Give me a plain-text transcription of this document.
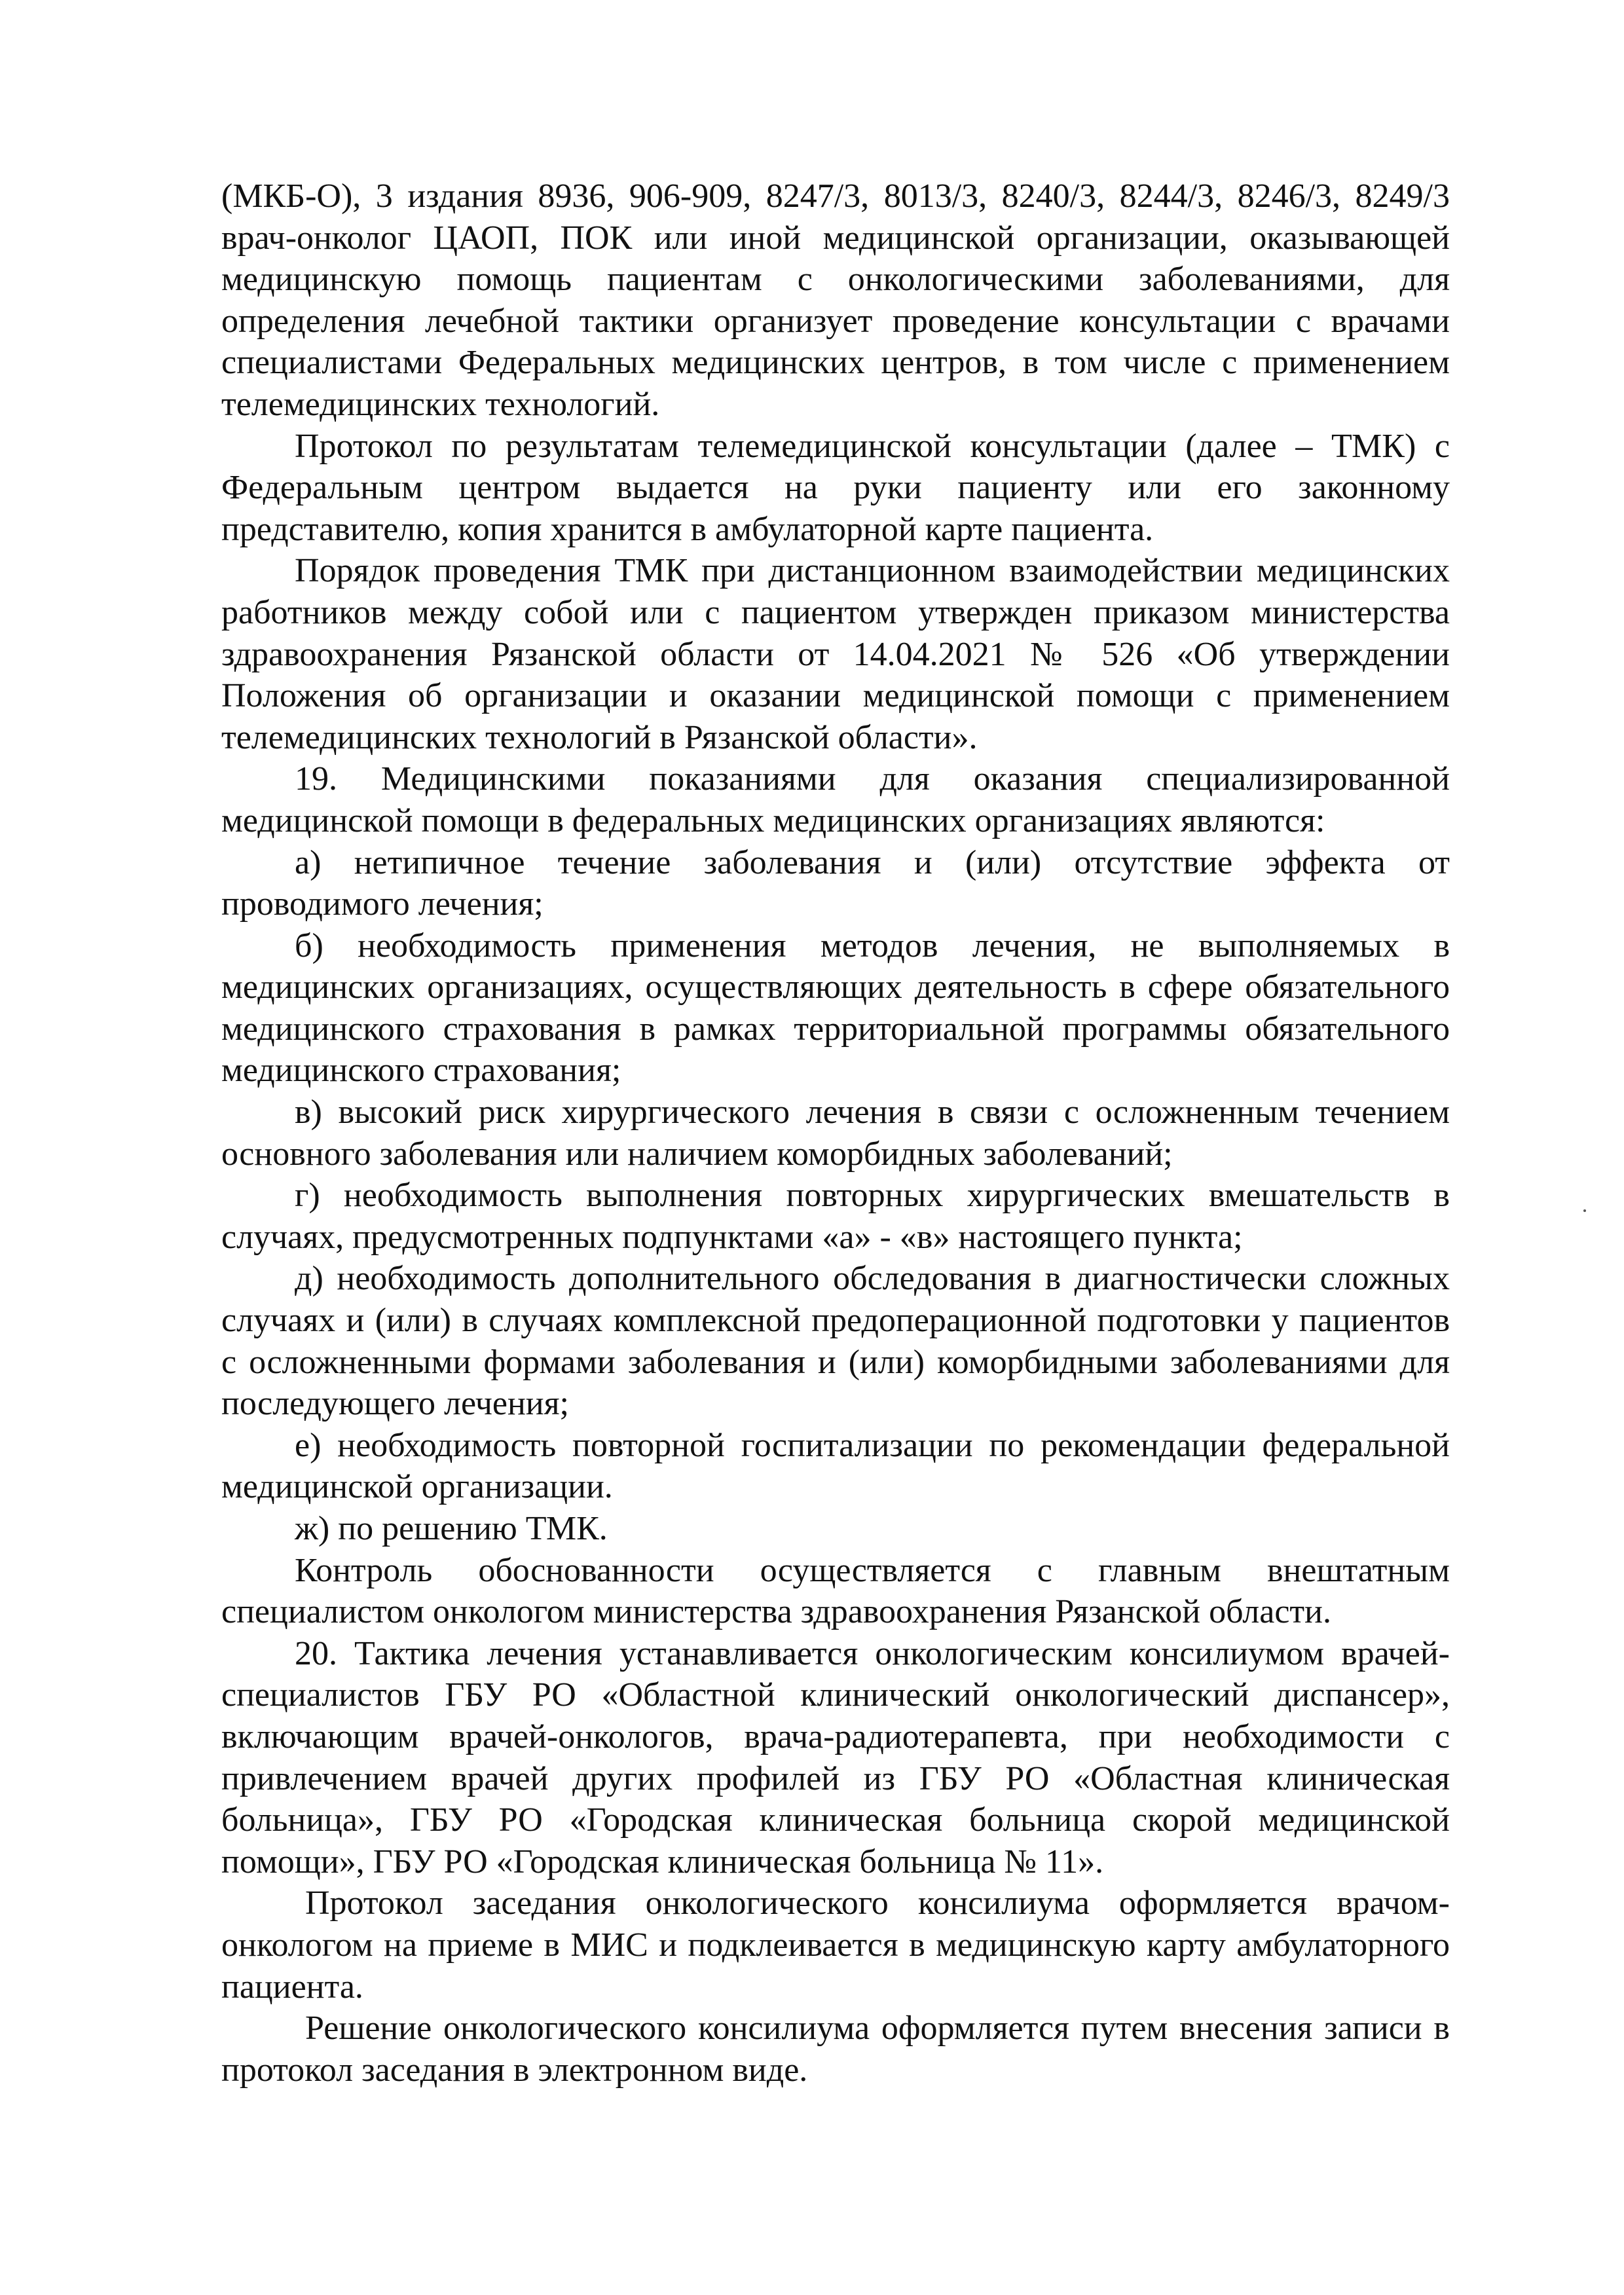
(МКБ-О), 3 издания 8936, 906-909, 8247/3, 8013/3, 8240/3, 8244/3, 8246/3, 8249/3 врач-онколог ЦАОП, ПОК или иной медицинской организации, оказывающей медицинскую помощь пациентам с онкологическими заболеваниями, для определения лечебной тактики организует проведение консультации с врачами специалистами Федеральных медицинских центров, в том числе с применением телемедицинских технологий.

Протокол по результатам телемедицинской консультации (далее – ТМК) с Федеральным центром выдается на руки пациенту или его законному представителю, копия хранится в амбулаторной карте пациента.

Порядок проведения ТМК при дистанционном взаимодействии медицинских работников между собой или с пациентом утвержден приказом министерства здравоохранения Рязанской области от 14.04.2021 № 526 «Об утверждении Положения об организации и оказании медицинской помощи с применением телемедицинских технологий в Рязанской области».

19. Медицинскими показаниями для оказания специализированной медицинской помощи в федеральных медицинских организациях являются:

а) нетипичное течение заболевания и (или) отсутствие эффекта от проводимого лечения;

б) необходимость применения методов лечения, не выполняемых в медицинских организациях, осуществляющих деятельность в сфере обязательного медицинского страхования в рамках территориальной программы обязательного медицинского страхования;

в) высокий риск хирургического лечения в связи с осложненным течением основного заболевания или наличием коморбидных заболеваний;

г) необходимость выполнения повторных хирургических вмешательств в случаях, предусмотренных подпунктами «а» - «в» настоящего пункта;

д) необходимость дополнительного обследования в диагностически сложных случаях и (или) в случаях комплексной предоперационной подготовки у пациентов с осложненными формами заболевания и (или) коморбидными заболеваниями для последующего лечения;

е) необходимость повторной госпитализации по рекомендации федеральной медицинской организации.

ж) по решению ТМК.

Контроль обоснованности осуществляется с главным внештатным специалистом онкологом министерства здравоохранения Рязанской области.

20. Тактика лечения устанавливается онкологическим консилиумом врачей-специалистов ГБУ РО «Областной клинический онкологический диспансер», включающим врачей-онкологов, врача-радиотерапевта, при необходимости с привлечением врачей других профилей из ГБУ РО «Областная клиническая больница», ГБУ РО «Городская клиническая больница скорой медицинской помощи», ГБУ РО «Городская клиническая больница № 11».

Протокол заседания онкологического консилиума оформляется врачом-онкологом на приеме в МИС и подклеивается в медицинскую карту амбулаторного пациента.

Решение онкологического консилиума оформляется путем внесения записи в протокол заседания в электронном виде.
